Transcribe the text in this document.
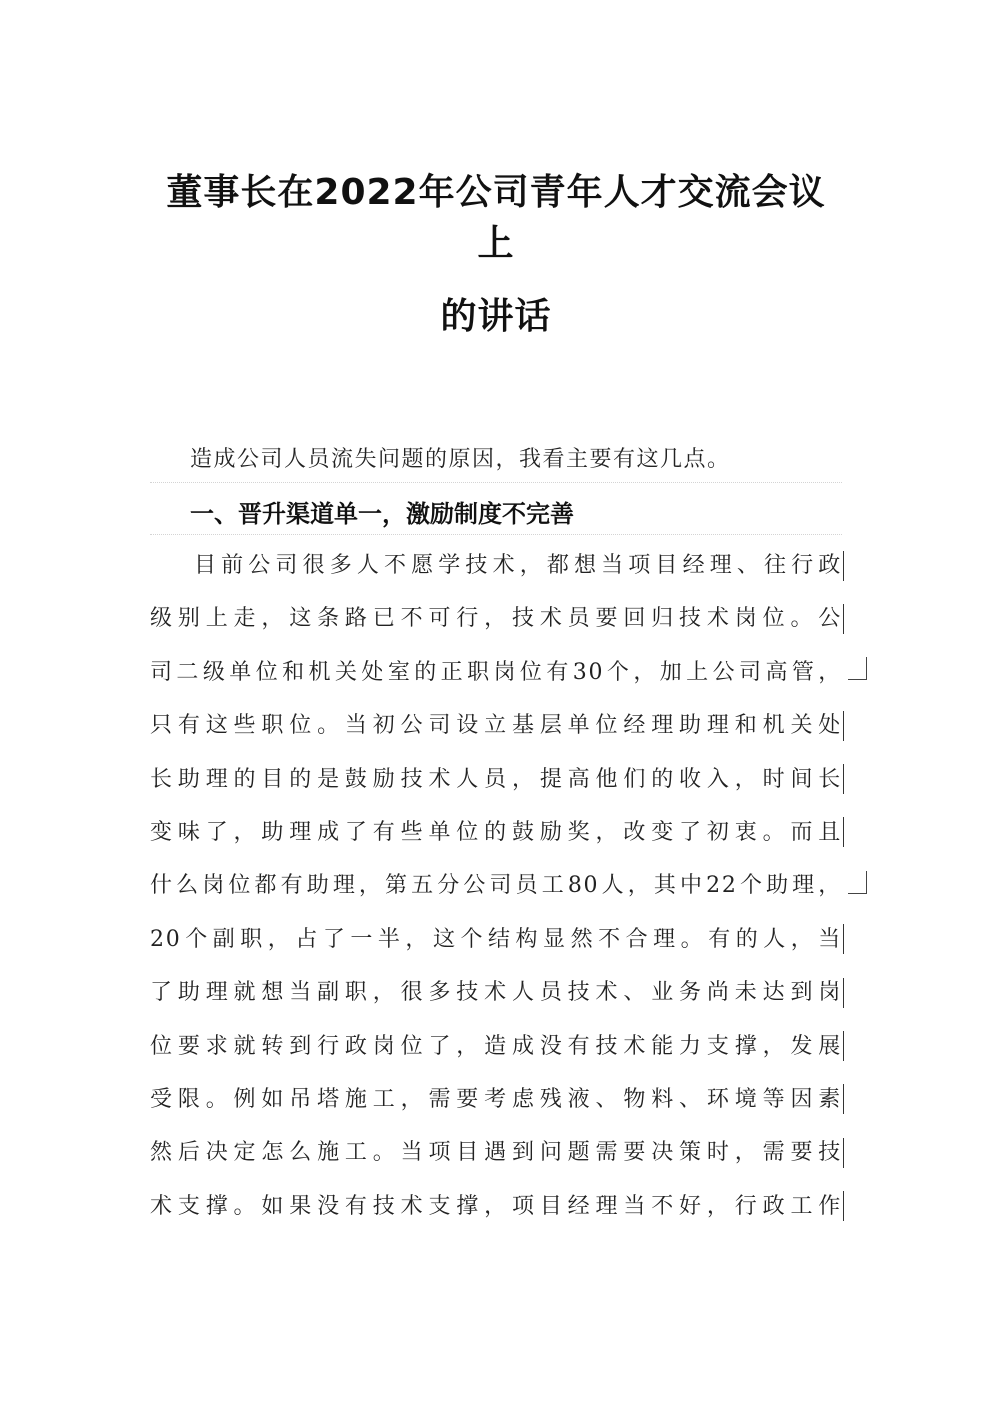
董事长在2022年公司青年人才交流会议上
的讲话

造成公司人员流失问题的原因，我看主要有这几点。

一、晋升渠道单一，激励制度不完善
目前公司很多人不愿学技术，都想当项目经理、往行政
级别上走，这条路已不可行，技术员要回归技术岗位。公
司二级单位和机关处室的正职岗位有30个，加上公司高管，
只有这些职位。当初公司设立基层单位经理助理和机关处
长助理的目的是鼓励技术人员，提高他们的收入，时间长
变味了，助理成了有些单位的鼓励奖，改变了初衷。而且
什么岗位都有助理，第五分公司员工80人，其中22个助理，
20个副职，占了一半，这个结构显然不合理。有的人，当
了助理就想当副职，很多技术人员技术、业务尚未达到岗
位要求就转到行政岗位了，造成没有技术能力支撑，发展
受限。例如吊塔施工，需要考虑残液、物料、环境等因素
然后决定怎么施工。当项目遇到问题需要决策时，需要技
术支撑。如果没有技术支撑，项目经理当不好，行政工作
